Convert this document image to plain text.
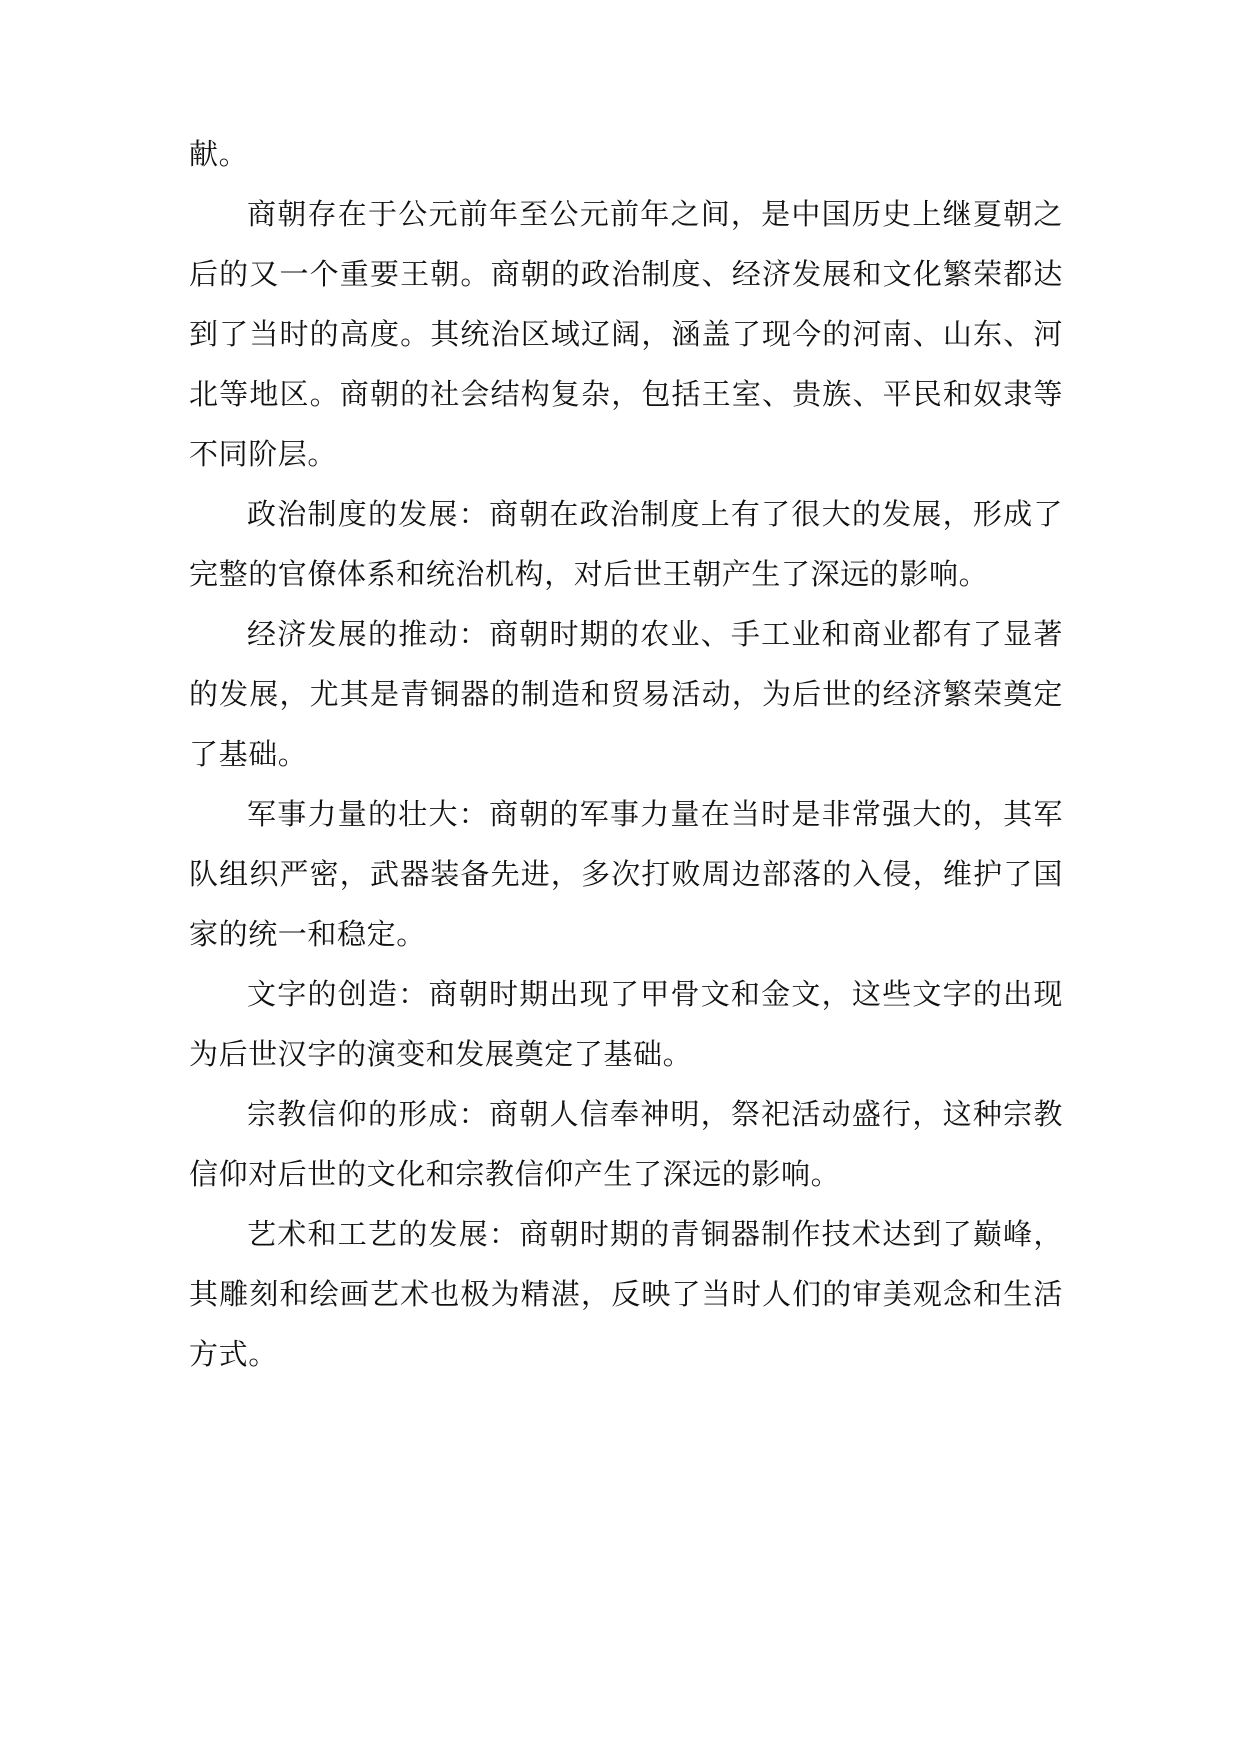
献。

商朝存在于公元前年至公元前年之间，是中国历史上继夏朝之后的又一个重要王朝。商朝的政治制度、经济发展和文化繁荣都达到了当时的高度。其统治区域辽阔，涵盖了现今的河南、山东、河北等地区。商朝的社会结构复杂，包括王室、贵族、平民和奴隶等不同阶层。

政治制度的发展：商朝在政治制度上有了很大的发展，形成了完整的官僚体系和统治机构，对后世王朝产生了深远的影响。

经济发展的推动：商朝时期的农业、手工业和商业都有了显著的发展，尤其是青铜器的制造和贸易活动，为后世的经济繁荣奠定了基础。

军事力量的壮大：商朝的军事力量在当时是非常强大的，其军队组织严密，武器装备先进，多次打败周边部落的入侵，维护了国家的统一和稳定。

文字的创造：商朝时期出现了甲骨文和金文，这些文字的出现为后世汉字的演变和发展奠定了基础。

宗教信仰的形成：商朝人信奉神明，祭祀活动盛行，这种宗教信仰对后世的文化和宗教信仰产生了深远的影响。

艺术和工艺的发展：商朝时期的青铜器制作技术达到了巅峰，其雕刻和绘画艺术也极为精湛，反映了当时人们的审美观念和生活方式。
